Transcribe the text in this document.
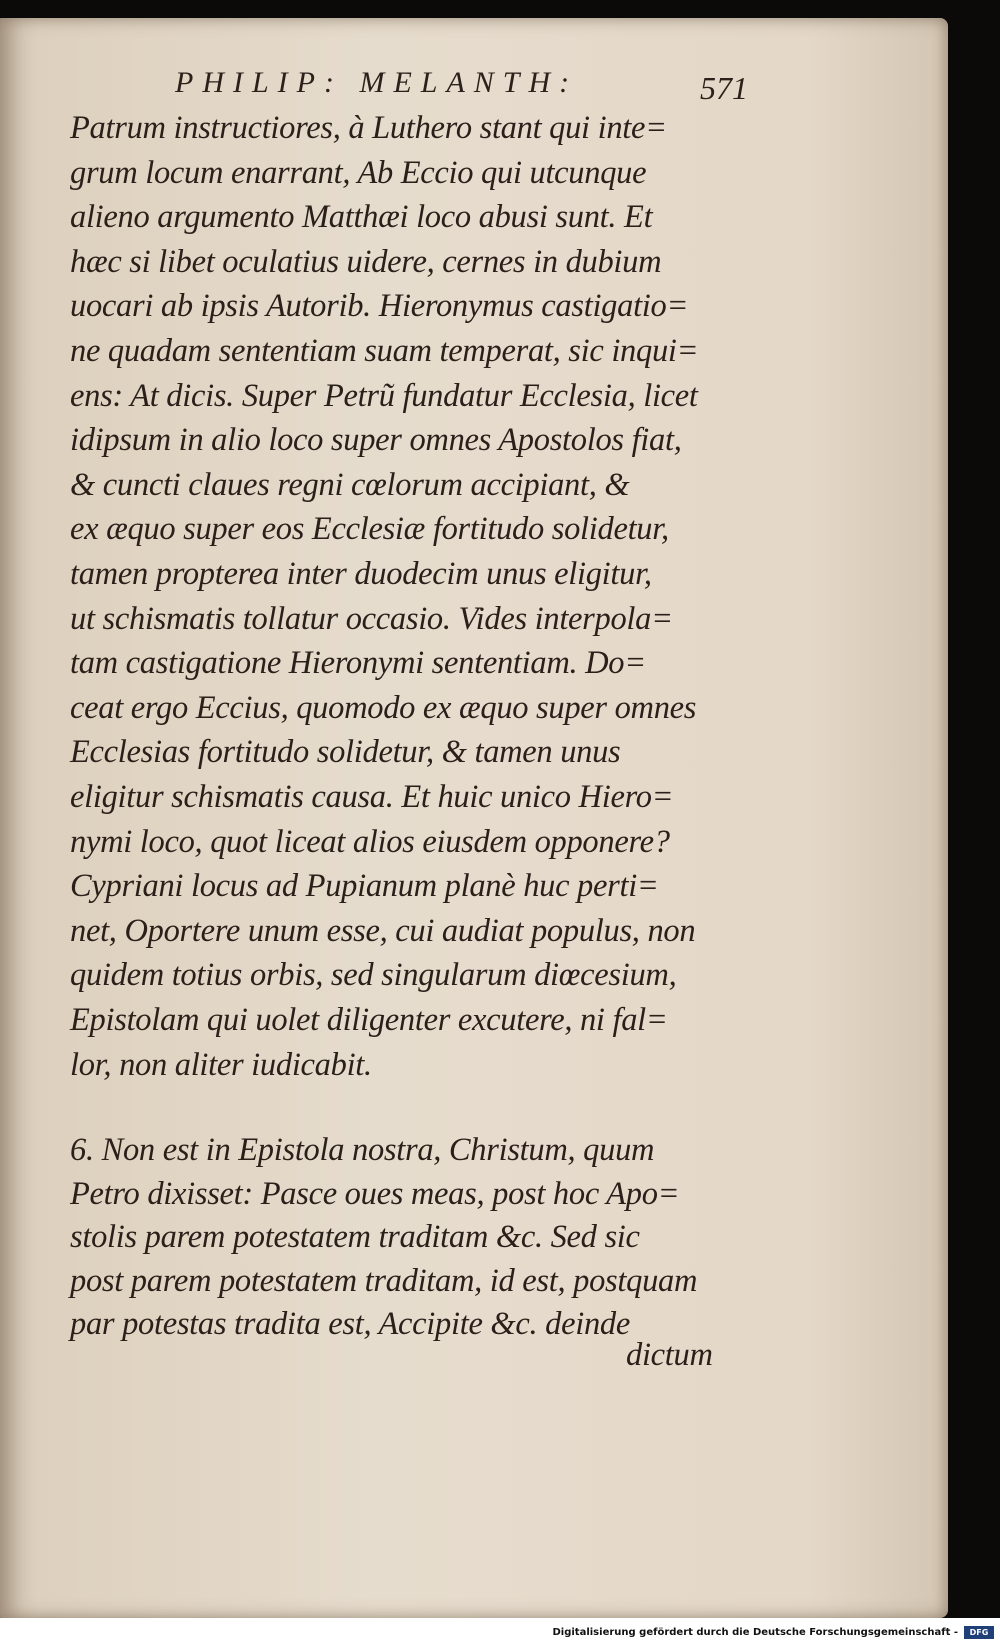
PHILIP: MELANTH:	571
Patrum instructiores, à Luthero stant qui inte=
grum locum enarrant, Ab Eccio qui utcunque
alieno argumento Matthæi loco abusi sunt. Et
hæc si libet oculatius uidere, cernes in dubium
uocari ab ipsis Autorib. Hieronymus castigatio=
ne quadam sententiam suam temperat, sic inqui=
ens: At dicis. Super Petrũ fundatur Ecclesia, licet
idipsum in alio loco super omnes Apostolos fiat,
& cuncti claues regni cœlorum accipiant, &
ex æquo super eos Ecclesiæ fortitudo solidetur,
tamen propterea inter duodecim unus eligitur,
ut schismatis tollatur occasio. Vides interpola=
tam castigatione Hieronymi sententiam. Do=
ceat ergo Eccius, quomodo ex æquo super omnes
Ecclesias fortitudo solidetur, & tamen unus
eligitur schismatis causa. Et huic unico Hiero=
nymi loco, quot liceat alios eiusdem opponere?
Cypriani locus ad Pupianum planè huc perti=
net, Oportere unum esse, cui audiat populus, non
quidem totius orbis, sed singularum diœcesium,
Epistolam qui uolet diligenter excutere, ni fal=
lor, non aliter iudicabit.
6. Non est in Epistola nostra, Christum, quum
Petro dixisset: Pasce oues meas, post hoc Apo=
stolis parem potestatem traditam &c. Sed sic
post parem potestatem traditam, id est, postquam
par potestas tradita est, Accipite &c. deinde
dictum
Digitalisierung gefördert durch die Deutsche Forschungsgemeinschaft -	DFG
